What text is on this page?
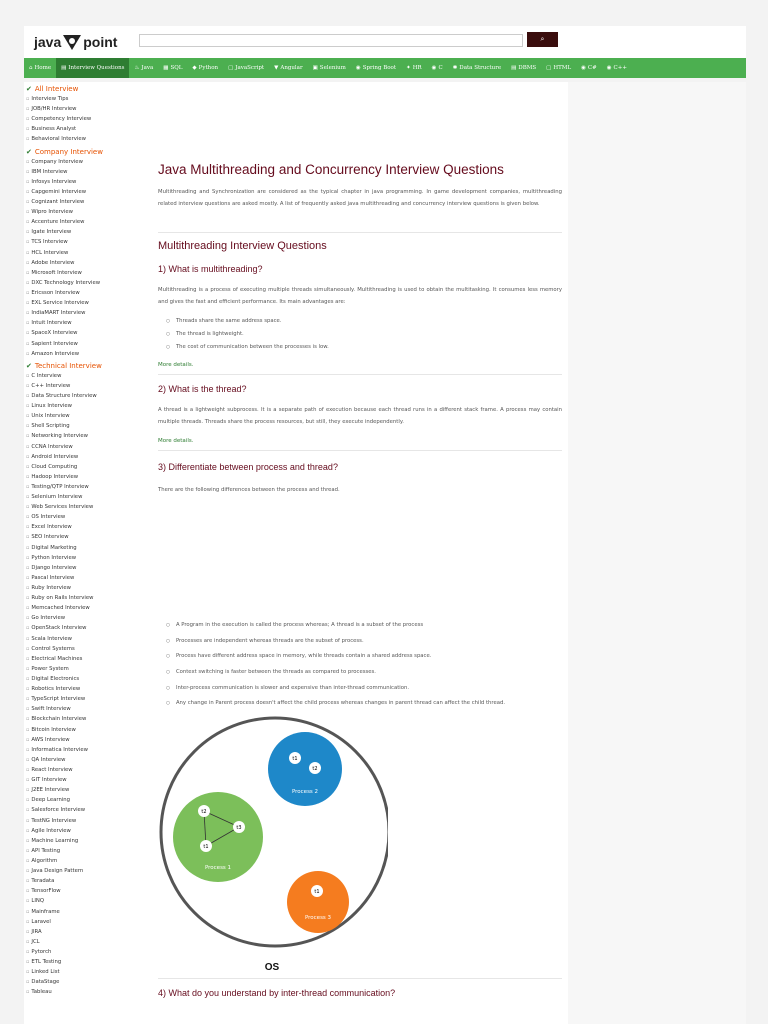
java point	⌕
⌂ Home	▤ Interview Questions	♨ Java	▦ SQL	◆ Python	▢ JavaScript	▼ Angular	▣ Selenium	◉ Spring Boot	✦ HR	◉ C	✱ Data Structure	▤ DBMS	▢ HTML	◉ C#	◉ C++
✔ All Interview
▫ Interview Tips
▫ JOB/HR Interview
▫ Competency Interview
▫ Business Analyst
▫ Behavioral Interview
✔ Company Interview
▫ Company Interview
▫ IBM Interview
▫ Infosys Interview
▫ Capgemini Interview
▫ Cognizant Interview
▫ Wipro Interview
▫ Accenture Interview
▫ Igate Interview
▫ TCS Interview
▫ HCL Interview
▫ Adobe Interview
▫ Microsoft Interview
▫ DXC Technology Interview
▫ Ericsson Interview
▫ EXL Service Interview
▫ IndiaMART Interview
▫ Intuit Interview
▫ SpaceX Interview
▫ Sapient Interview
▫ Amazon Interview
✔ Technical Interview
▫ C Interview
▫ C++ Interview
▫ Data Structure Interview
▫ Linux Interview
▫ Unix Interview
▫ Shell Scripting
▫ Networking Interview
▫ CCNA Interview
▫ Android Interview
▫ Cloud Computing
▫ Hadoop Interview
▫ Testing/QTP Interview
▫ Selenium Interview
▫ Web Services Interview
▫ OS Interview
▫ Excel Interview
▫ SEO Interview
▫ Digital Marketing
▫ Python Interview
▫ Django Interview
▫ Pascal Interview
▫ Ruby Interview
▫ Ruby on Rails Interview
▫ Memcached Interview
▫ Go Interview
▫ OpenStack Interview
▫ Scala Interview
▫ Control Systems
▫ Electrical Machines
▫ Power System
▫ Digital Electronics
▫ Robotics Interview
▫ TypeScript Interview
▫ Swift Interview
▫ Blockchain Interview
▫ Bitcoin Interview
▫ AWS Interview
▫ Informatica Interview
▫ QA Interview
▫ React Interview
▫ GIT Interview
▫ J2EE Interview
▫ Deep Learning
▫ Salesforce Interview
▫ TestNG Interview
▫ Agile Interview
▫ Machine Learning
▫ API Testing
▫ Algorithm
▫ Java Design Pattern
▫ Teradata
▫ TensorFlow
▫ LINQ
▫ Mainframe
▫ Laravel
▫ JIRA
▫ JCL
▫ Pytorch
▫ ETL Testing
▫ Linked List
▫ DataStage
▫ Tableau
Java Multithreading and Concurrency Interview Questions

Multithreading and Synchronization are considered as the typical chapter in java programming. In game development companies, multithreading related interview questions are asked mostly. A list of frequently asked java multithreading and concurrency interview questions is given below.

Multithreading Interview Questions
1) What is multithreading?

Multithreading is a process of executing multiple threads simultaneously. Multithreading is used to obtain the multitasking. It consumes less memory and gives the fast and efficient performance. Its main advantages are:

○ Threads share the same address space.
○ The thread is lightweight.
○ The cost of communication between the processes is low.
More details.
2) What is the thread?

A thread is a lightweight subprocess. It is a separate path of execution because each thread runs in a different stack frame. A process may contain multiple threads. Threads share the process resources, but still, they execute independently.

More details.
3) Differentiate between process and thread?

There are the following differences between the process and thread.

○ A Program in the execution is called the process whereas; A thread is a subset of the process
○ Processes are independent whereas threads are the subset of process.
○ Process have different address space in memory, while threads contain a shared address space.
○ Context switching is faster between the threads as compared to processes.
○ Inter-process communication is slower and expensive than inter-thread communication.
○ Any change in Parent process doesn't affect the child process whereas changes in parent thread can affect the child thread.
t2
t3
t1
Process 1
t1
t2
Process 2
t1
Process 3
OS
4) What do you understand by inter-thread communication?
